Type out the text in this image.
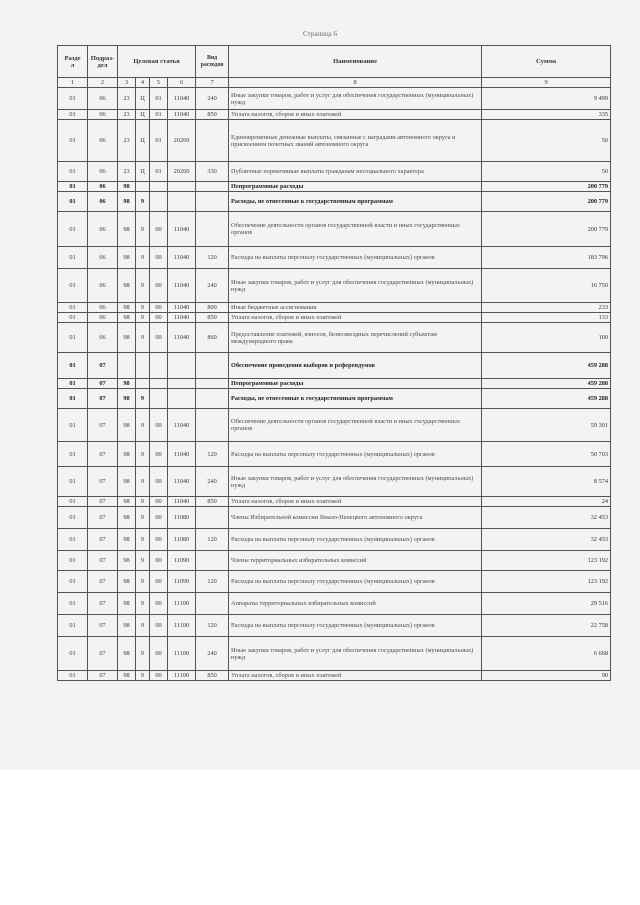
Страница 6
Разде
л	Подраз-
дел	Целевая статья				Вид
расходов	Наименование	Сумма
1	2	3	4	5	6	7	8	9
01	06	23	Ц	01	11040	240	Иные закупки товаров, работ и услуг для обеспечения государственных (муниципальных) нужд	9 499
01	06	23	Ц	01	11040	850	Уплата налогов, сборов и иных платежей	335
01	06	23	Ц	01	20260		Единовременные денежные выплаты, связанные с наградами автономного округа и присвоением почетных званий автономного округа	50
01	06	23	Ц	01	20260	330	Публичные нормативные выплаты гражданам несоциального характера	50
01	06	98					Непрограммные расходы	200 779
01	06	98	9				Расходы, не отнесенные к государственным программам	200 779
01	06	98	9	00	11040		Обеспечение деятельности органов государственной власти и иных государственных органов	200 779
01	06	98	9	00	11040	120	Расходы на выплаты персоналу государственных (муниципальных) органов	183 796
01	06	98	9	00	11040	240	Иные закупки товаров, работ и услуг для обеспечения государственных (муниципальных) нужд	16 750
01	06	98	9	00	11040	800	Иные бюджетные ассигнования	233
01	06	98	9	00	11040	850	Уплата налогов, сборов и иных платежей	133
01	06	98	9	00	11040	860	Предоставление платежей, взносов, безвозмездных перечислений субъектам международного права	100
01	07						Обеспечение проведения выборов и референдумов	459 288
01	07	98					Непрограммные расходы	459 288
01	07	98	9				Расходы, не отнесенные к государственным программам	459 288
01	07	98	9	00	11040		Обеспечение деятельности органов государственной власти и иных государственных органов	59 301
01	07	98	9	00	11040	120	Расходы на выплаты персоналу государственных (муниципальных) органов	50 703
01	07	98	9	00	11040	240	Иные закупки товаров, работ и услуг для обеспечения государственных (муниципальных) нужд	8 574
01	07	98	9	00	11040	850	Уплата налогов, сборов и иных платежей	24
01	07	98	9	00	11080		Члены Избирательной комиссии Ямало-Ненецкого автономного округа	32 453
01	07	98	9	00	11080	120	Расходы на выплаты персоналу государственных (муниципальных) органов	32 453
01	07	98	9	00	11090		Члены территориальных избирательных комиссий	123 192
01	07	98	9	00	11090	120	Расходы на выплаты персоналу государственных (муниципальных) органов	123 192
01	07	98	9	00	11100		Аппараты территориальных избирательных комиссий	29 516
01	07	98	9	00	11100	120	Расходы на выплаты персоналу государственных (муниципальных) органов	22 758
01	07	98	9	00	11100	240	Иные закупки товаров, работ и услуг для обеспечения государственных (муниципальных) нужд	6 668
01	07	98	9	00	11100	850	Уплата налогов, сборов и иных платежей	90
